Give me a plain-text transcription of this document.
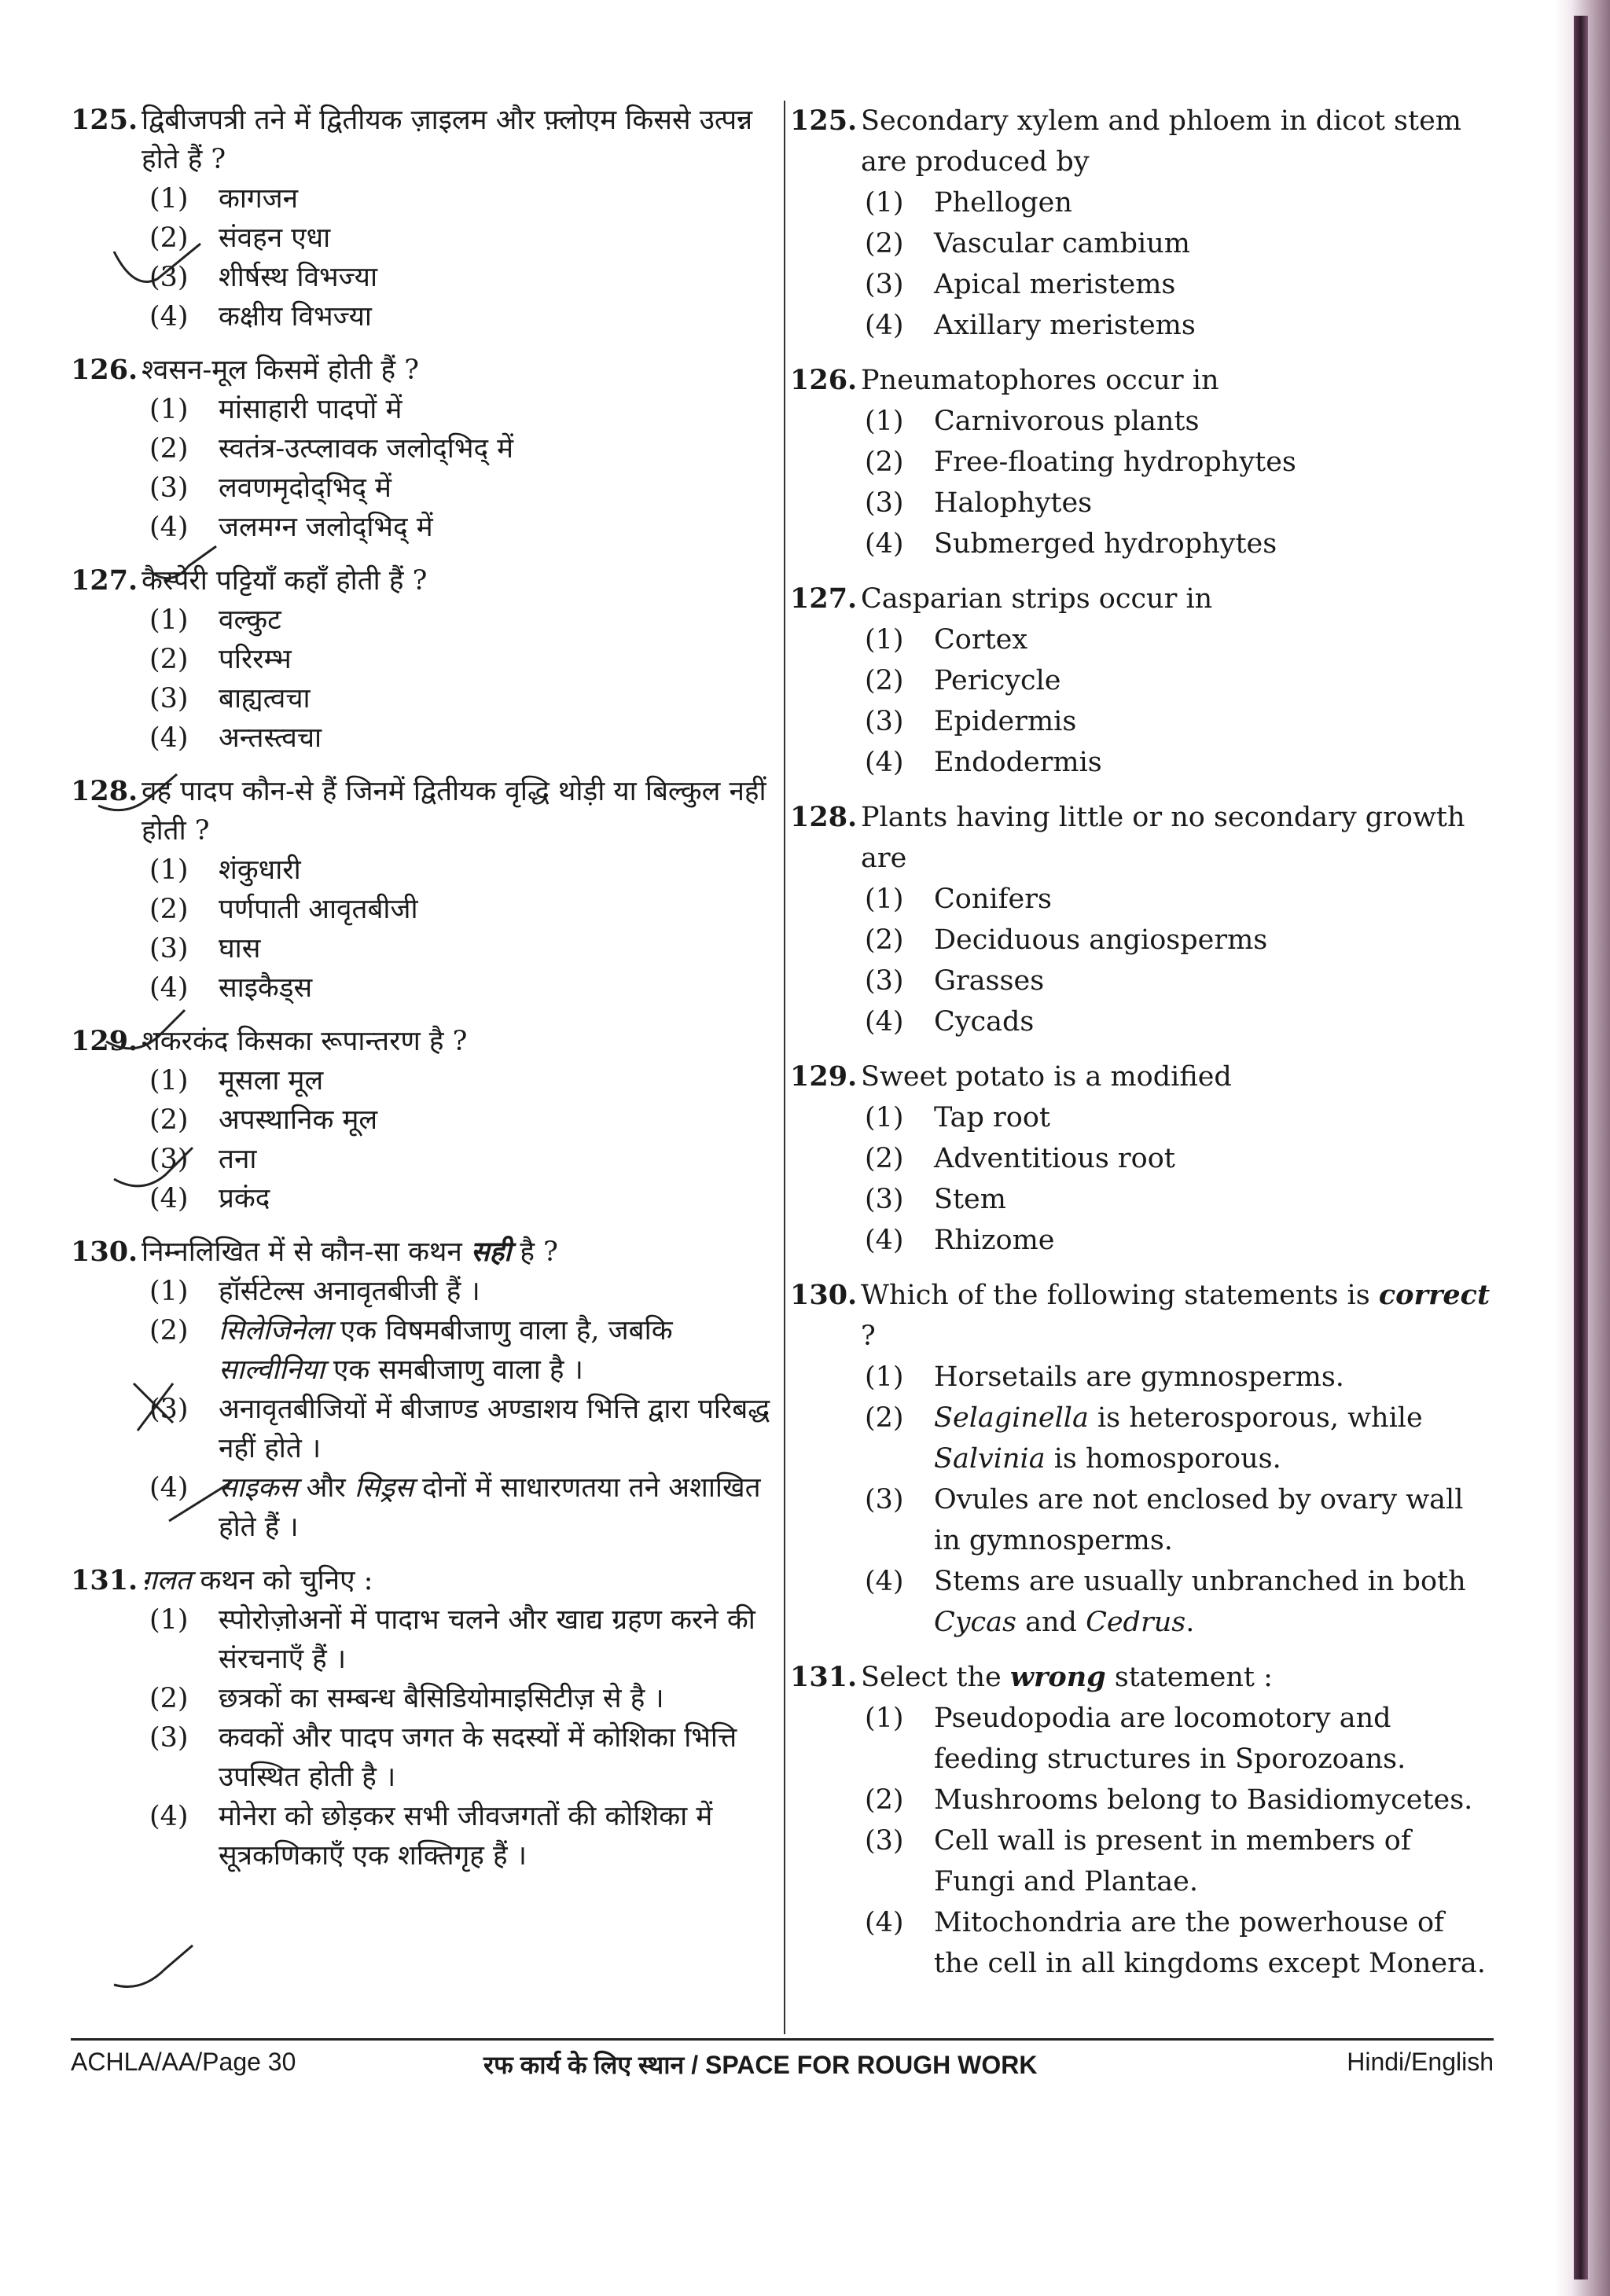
125. द्विबीजपत्री तने में द्वितीयक ज़ाइलम और फ़्लोएम किससे उत्पन्न होते हैं ?
(1)	कागजन
(2)	संवहन एधा
(3)	शीर्षस्थ विभज्या
(4)	कक्षीय विभज्या
126. श्वसन-मूल किसमें होती हैं ?
(1)	मांसाहारी पादपों में
(2)	स्वतंत्र-उत्प्लावक जलोद्‌भिद् में
(3)	लवणमृदोद्‌भिद् में
(4)	जलमग्न जलोद्‌भिद् में
127. कैस्पेरी पट्टियाँ कहाँ होती हैं ?
(1)	वल्कुट
(2)	परिरम्भ
(3)	बाह्यत्वचा
(4)	अन्तस्त्वचा
128. वह पादप कौन-से हैं जिनमें द्वितीयक वृद्धि थोड़ी या बिल्कुल नहीं होती ?
(1)	शंकुधारी
(2)	पर्णपाती आवृतबीजी
(3)	घास
(4)	साइकैड्स
129. शकरकंद किसका रूपान्तरण है ?
(1)	मूसला मूल
(2)	अपस्थानिक मूल
(3)	तना
(4)	प्रकंद
130. निम्नलिखित में से कौन-सा कथन सही है ?
(1)	हॉर्सटेल्स अनावृतबीजी हैं ।
(2)	सिलेजिनेला एक विषमबीजाणु वाला है, जबकि साल्वीनिया एक समबीजाणु वाला है ।
(3)	अनावृतबीजियों में बीजाण्ड अण्डाशय भित्ति द्वारा परिबद्ध नहीं होते ।
(4)	साइकस और सिड्रस दोनों में साधारणतया तने अशाखित होते हैं ।
131. ग़लत कथन को चुनिए :
(1)	स्पोरोज़ोअनों में पादाभ चलने और खाद्य ग्रहण करने की संरचनाएँ हैं ।
(2)	छत्रकों का सम्बन्ध बैसिडियोमाइसिटीज़ से है ।
(3)	कवकों और पादप जगत के सदस्यों में कोशिका भित्ति उपस्थित होती है ।
(4)	मोनेरा को छोड़कर सभी जीवजगतों की कोशिका में सूत्रकणिकाएँ एक शक्तिगृह हैं ।
125. Secondary xylem and phloem in dicot stem are produced by
(1)	Phellogen
(2)	Vascular cambium
(3)	Apical meristems
(4)	Axillary meristems
126. Pneumatophores occur in
(1)	Carnivorous plants
(2)	Free-floating hydrophytes
(3)	Halophytes
(4)	Submerged hydrophytes
127. Casparian strips occur in
(1)	Cortex
(2)	Pericycle
(3)	Epidermis
(4)	Endodermis
128. Plants having little or no secondary growth are
(1)	Conifers
(2)	Deciduous angiosperms
(3)	Grasses
(4)	Cycads
129. Sweet potato is a modified
(1)	Tap root
(2)	Adventitious root
(3)	Stem
(4)	Rhizome
130. Which of the following statements is correct ?
(1)	Horsetails are gymnosperms.
(2)	Selaginella is heterosporous, while Salvinia is homosporous.
(3)	Ovules are not enclosed by ovary wall in gymnosperms.
(4)	Stems are usually unbranched in both Cycas and Cedrus.
131. Select the wrong statement :
(1)	Pseudopodia are locomotory and feeding structures in Sporozoans.
(2)	Mushrooms belong to Basidiomycetes.
(3)	Cell wall is present in members of Fungi and Plantae.
(4)	Mitochondria are the powerhouse of the cell in all kingdoms except Monera.
ACHLA/AA/Page 30	रफ कार्य के लिए स्थान / SPACE FOR ROUGH WORK	Hindi/English
